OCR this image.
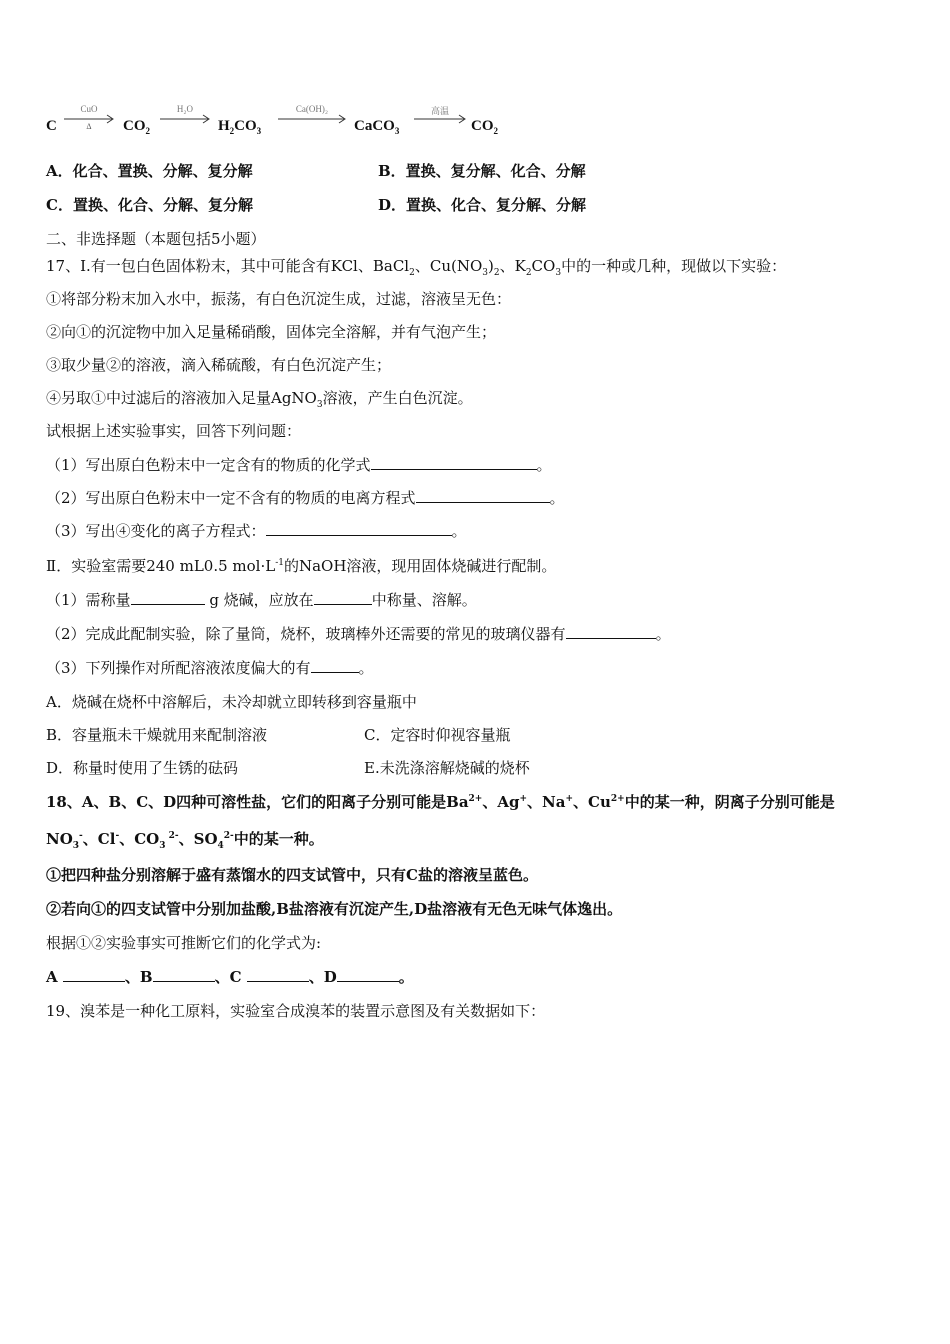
C
CuO
Δ	$CO_2$
H₂O
$H_2CO_3$
Ca(OH)₂
CaCO$_3$
高温
$CO_2$
A．化合、置换、分解、复分解	B．置换、复分解、化合、分解
C．置换、化合、分解、复分解	D．置换、化合、复分解、分解
二、非选择题（本题包括5小题）
17、Ⅰ.有一包白色固体粉末，其中可能含有KCl、BaCl$_2$、$Cu(NO_3)_2$、$K_2CO_3$中的一种或几种，现做以下实验：
①将部分粉末加入水中，振荡，有白色沉淀生成，过滤，溶液呈无色：
②向①的沉淀物中加入足量稀硝酸，固体完全溶解，并有气泡产生；
③取少量②的溶液，滴入稀硫酸，有白色沉淀产生；
④另取①中过滤后的溶液加入足量AgNO$_3$溶液，产生白色沉淀。
试根据上述实验事实，回答下列问题：
（1）写出原白色粉末中一定含有的物质的化学式	。
（2）写出原白色粉末中一定不含有的物质的电离方程式	。
（3）写出④变化的离子方程式：	。
Ⅱ．实验室需要240 mL0.5 $mol\cdot L^{-1}$的NaOH溶液，现用固体烧碱进行配制。
（1）需称量	g 烧碱，应放在	中称量、溶解。
（2）完成此配制实验，除了量筒，烧杯，玻璃棒外还需要的常见的玻璃仪器有	。
（3）下列操作对所配溶液浓度偏大的有	。
A．烧碱在烧杯中溶解后，未冷却就立即转移到容量瓶中
B．容量瓶未干燥就用来配制溶液	C．定容时仰视容量瓶
D．称量时使用了生锈的砝码	E.未洗涤溶解烧碱的烧杯
18、A、B、C、D四种可溶性盐，它们的阳离子分别可能是$Ba^{2+}$、Ag+、Na+、$Cu^{2+}$中的某一种，阴离子分别可能是
$NO_3^-$、Cl-、$CO_3$ $^{2-}$、$SO_4^{2-}$中的某一种。
①把四种盐分别溶解于盛有蒸馏水的四支试管中，只有C盐的溶液呈蓝色。
②若向①的四支试管中分别加盐酸,B盐溶液有沉淀产生,D盐溶液有无色无味气体逸出。
根据①②实验事实可推断它们的化学式为:
A	、B	、C	、D	。
19、溴苯是一种化工原料，实验室合成溴苯的装置示意图及有关数据如下：
